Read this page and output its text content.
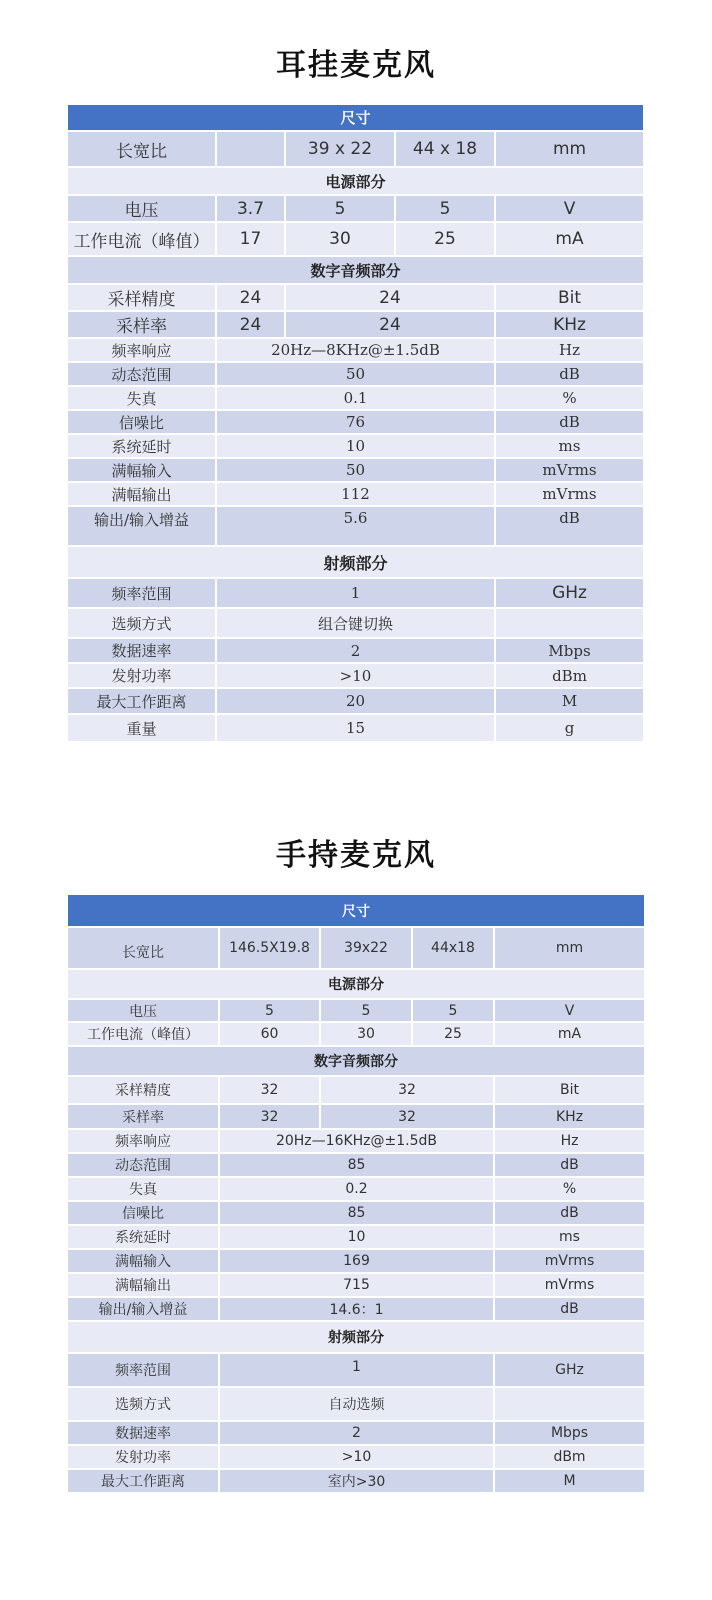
耳挂麦克风
尺寸				
长宽比		39 x 22	44 x 18	mm
电源部分				
电压	3.7	5	5	V
工作电流（峰值）	17	30	25	mA
数字音频部分				
采样精度	24	24		Bit
采样率	24	24		KHz
频率响应	20Hz—8KHz@±1.5dB			Hz
动态范围	50			dB
失真	0.1			%
信噪比	76			dB
系统延时	10			ms
满幅输入	50			mVrms
满幅输出	112			mVrms
输出/输入增益	5.6			dB
射频部分				
频率范围	1			GHz
选频方式	组合键切换			
数据速率	2			Mbps
发射功率	>10			dBm
最大工作距离	20			M
重量	15			g
手持麦克风
尺寸				
长宽比	146.5X19.8	39x22	44x18	mm
电源部分				
电压	5	5	5	V
工作电流（峰值）	60	30	25	mA
数字音频部分				
采样精度	32	32		Bit
采样率	32	32		KHz
频率响应	20Hz—16KHz@±1.5dB			Hz
动态范围	85			dB
失真	0.2			%
信噪比	85			dB
系统延时	10			ms
满幅输入	169			mVrms
满幅输出	715			mVrms
输出/输入增益	14.6：1			dB
射频部分				
频率范围	1			GHz
选频方式	自动选频			
数据速率	2			Mbps
发射功率	>10			dBm
最大工作距离	室内>30			M
